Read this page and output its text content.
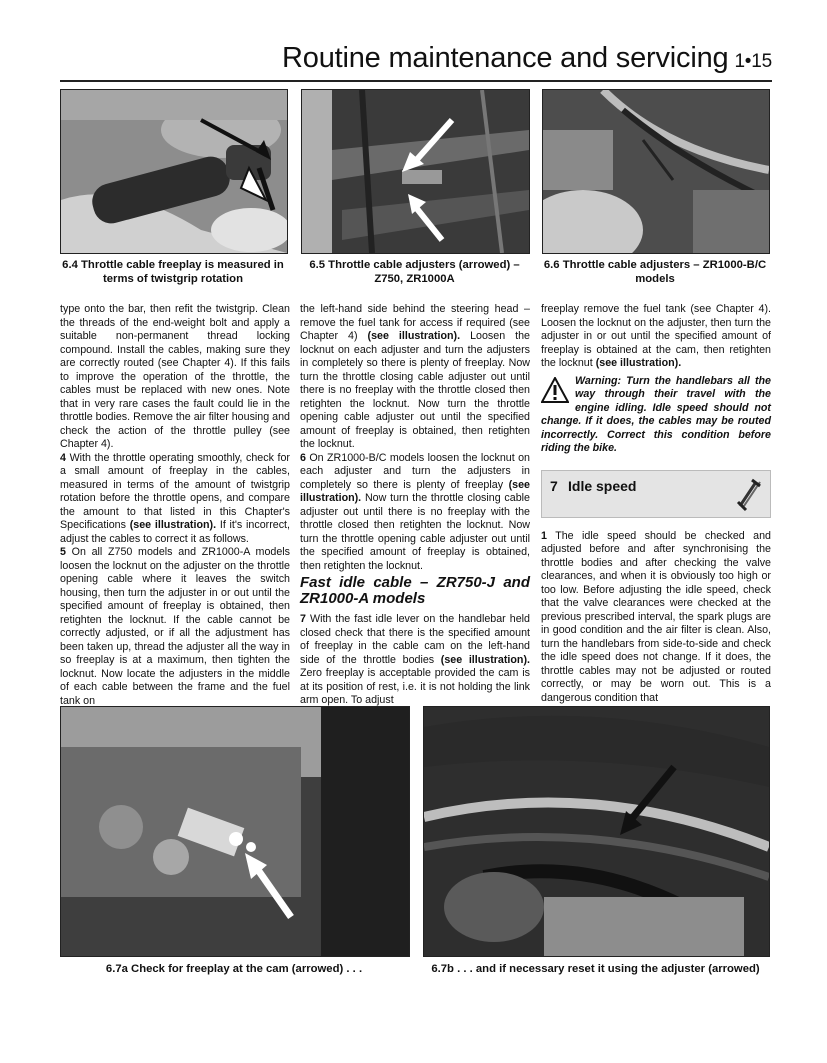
Routine maintenance and servicing 1•15
6.4 Throttle cable freeplay is measured in terms of twistgrip rotation
6.5 Throttle cable adjusters (arrowed) – Z750, ZR1000A
6.6 Throttle cable adjusters – ZR1000-B/C models

type onto the bar, then refit the twistgrip. Clean the threads of the end-weight bolt and apply a suitable non-permanent thread locking compound. Install the cables, making sure they are correctly routed (see Chapter 4). If this fails to improve the operation of the throttle, the cables must be replaced with new ones. Note that in very rare cases the fault could lie in the throttle bodies. Remove the air filter housing and check the action of the throttle pulley (see Chapter 4).

4 With the throttle operating smoothly, check for a small amount of freeplay in the cables, measured in terms of the amount of twistgrip rotation before the throttle opens, and compare the amount to that listed in this Chapter's Specifications (see illustration). If it's incorrect, adjust the cables to correct it as follows.

5 On all Z750 models and ZR1000-A models loosen the locknut on the adjuster on the throttle opening cable where it leaves the switch housing, then turn the adjuster in or out until the specified amount of freeplay is obtained, then retighten the locknut. If the cable cannot be correctly adjusted, or if all the adjustment has been taken up, thread the adjuster all the way in so freeplay is at a maximum, then tighten the locknut. Now locate the adjusters in the middle of each cable between the frame and the fuel tank on

the left-hand side behind the steering head – remove the fuel tank for access if required (see Chapter 4) (see illustration). Loosen the locknut on each adjuster and turn the adjusters in completely so there is plenty of freeplay. Now turn the throttle closing cable adjuster out until there is no freeplay with the throttle closed then retighten the locknut. Now turn the throttle opening cable adjuster out until the specified amount of freeplay is obtained, then retighten the locknut.

6 On ZR1000-B/C models loosen the locknut on each adjuster and turn the adjusters in completely so there is plenty of freeplay (see illustration). Now turn the throttle closing cable adjuster out until there is no freeplay with the throttle closed then retighten the locknut. Now turn the throttle opening cable adjuster out until the specified amount of freeplay is obtained, then retighten the locknut.

Fast idle cable – ZR750-J and ZR1000-A models

7 With the fast idle lever on the handlebar held closed check that there is the specified amount of freeplay in the cable cam on the left-hand side of the throttle bodies (see illustration). Zero freeplay is acceptable provided the cam is at its position of rest, i.e. it is not holding the link arm open. To adjust

freeplay remove the fuel tank (see Chapter 4). Loosen the locknut on the adjuster, then turn the adjuster in or out until the specified amount of freeplay is obtained at the cam, then retighten the locknut (see illustration).

Warning: Turn the handlebars all the way through their travel with the engine idling. Idle speed should not change. If it does, the cables may be routed incorrectly. Correct this condition before riding the bike.
7 Idle speed

1 The idle speed should be checked and adjusted before and after synchronising the throttle bodies and after checking the valve clearances, and when it is obviously too high or too low. Before adjusting the idle speed, check that the valve clearances were checked at the previous prescribed interval, the spark plugs are in good condition and the air filter is clean. Also, turn the handlebars from side-to-side and check the idle speed does not change. If it does, the throttle cables may not be adjusted or routed correctly, or may be worn out. This is a dangerous condition that

6.7a Check for freeplay at the cam (arrowed) . . .	6.7b . . . and if necessary reset it using the adjuster (arrowed)
